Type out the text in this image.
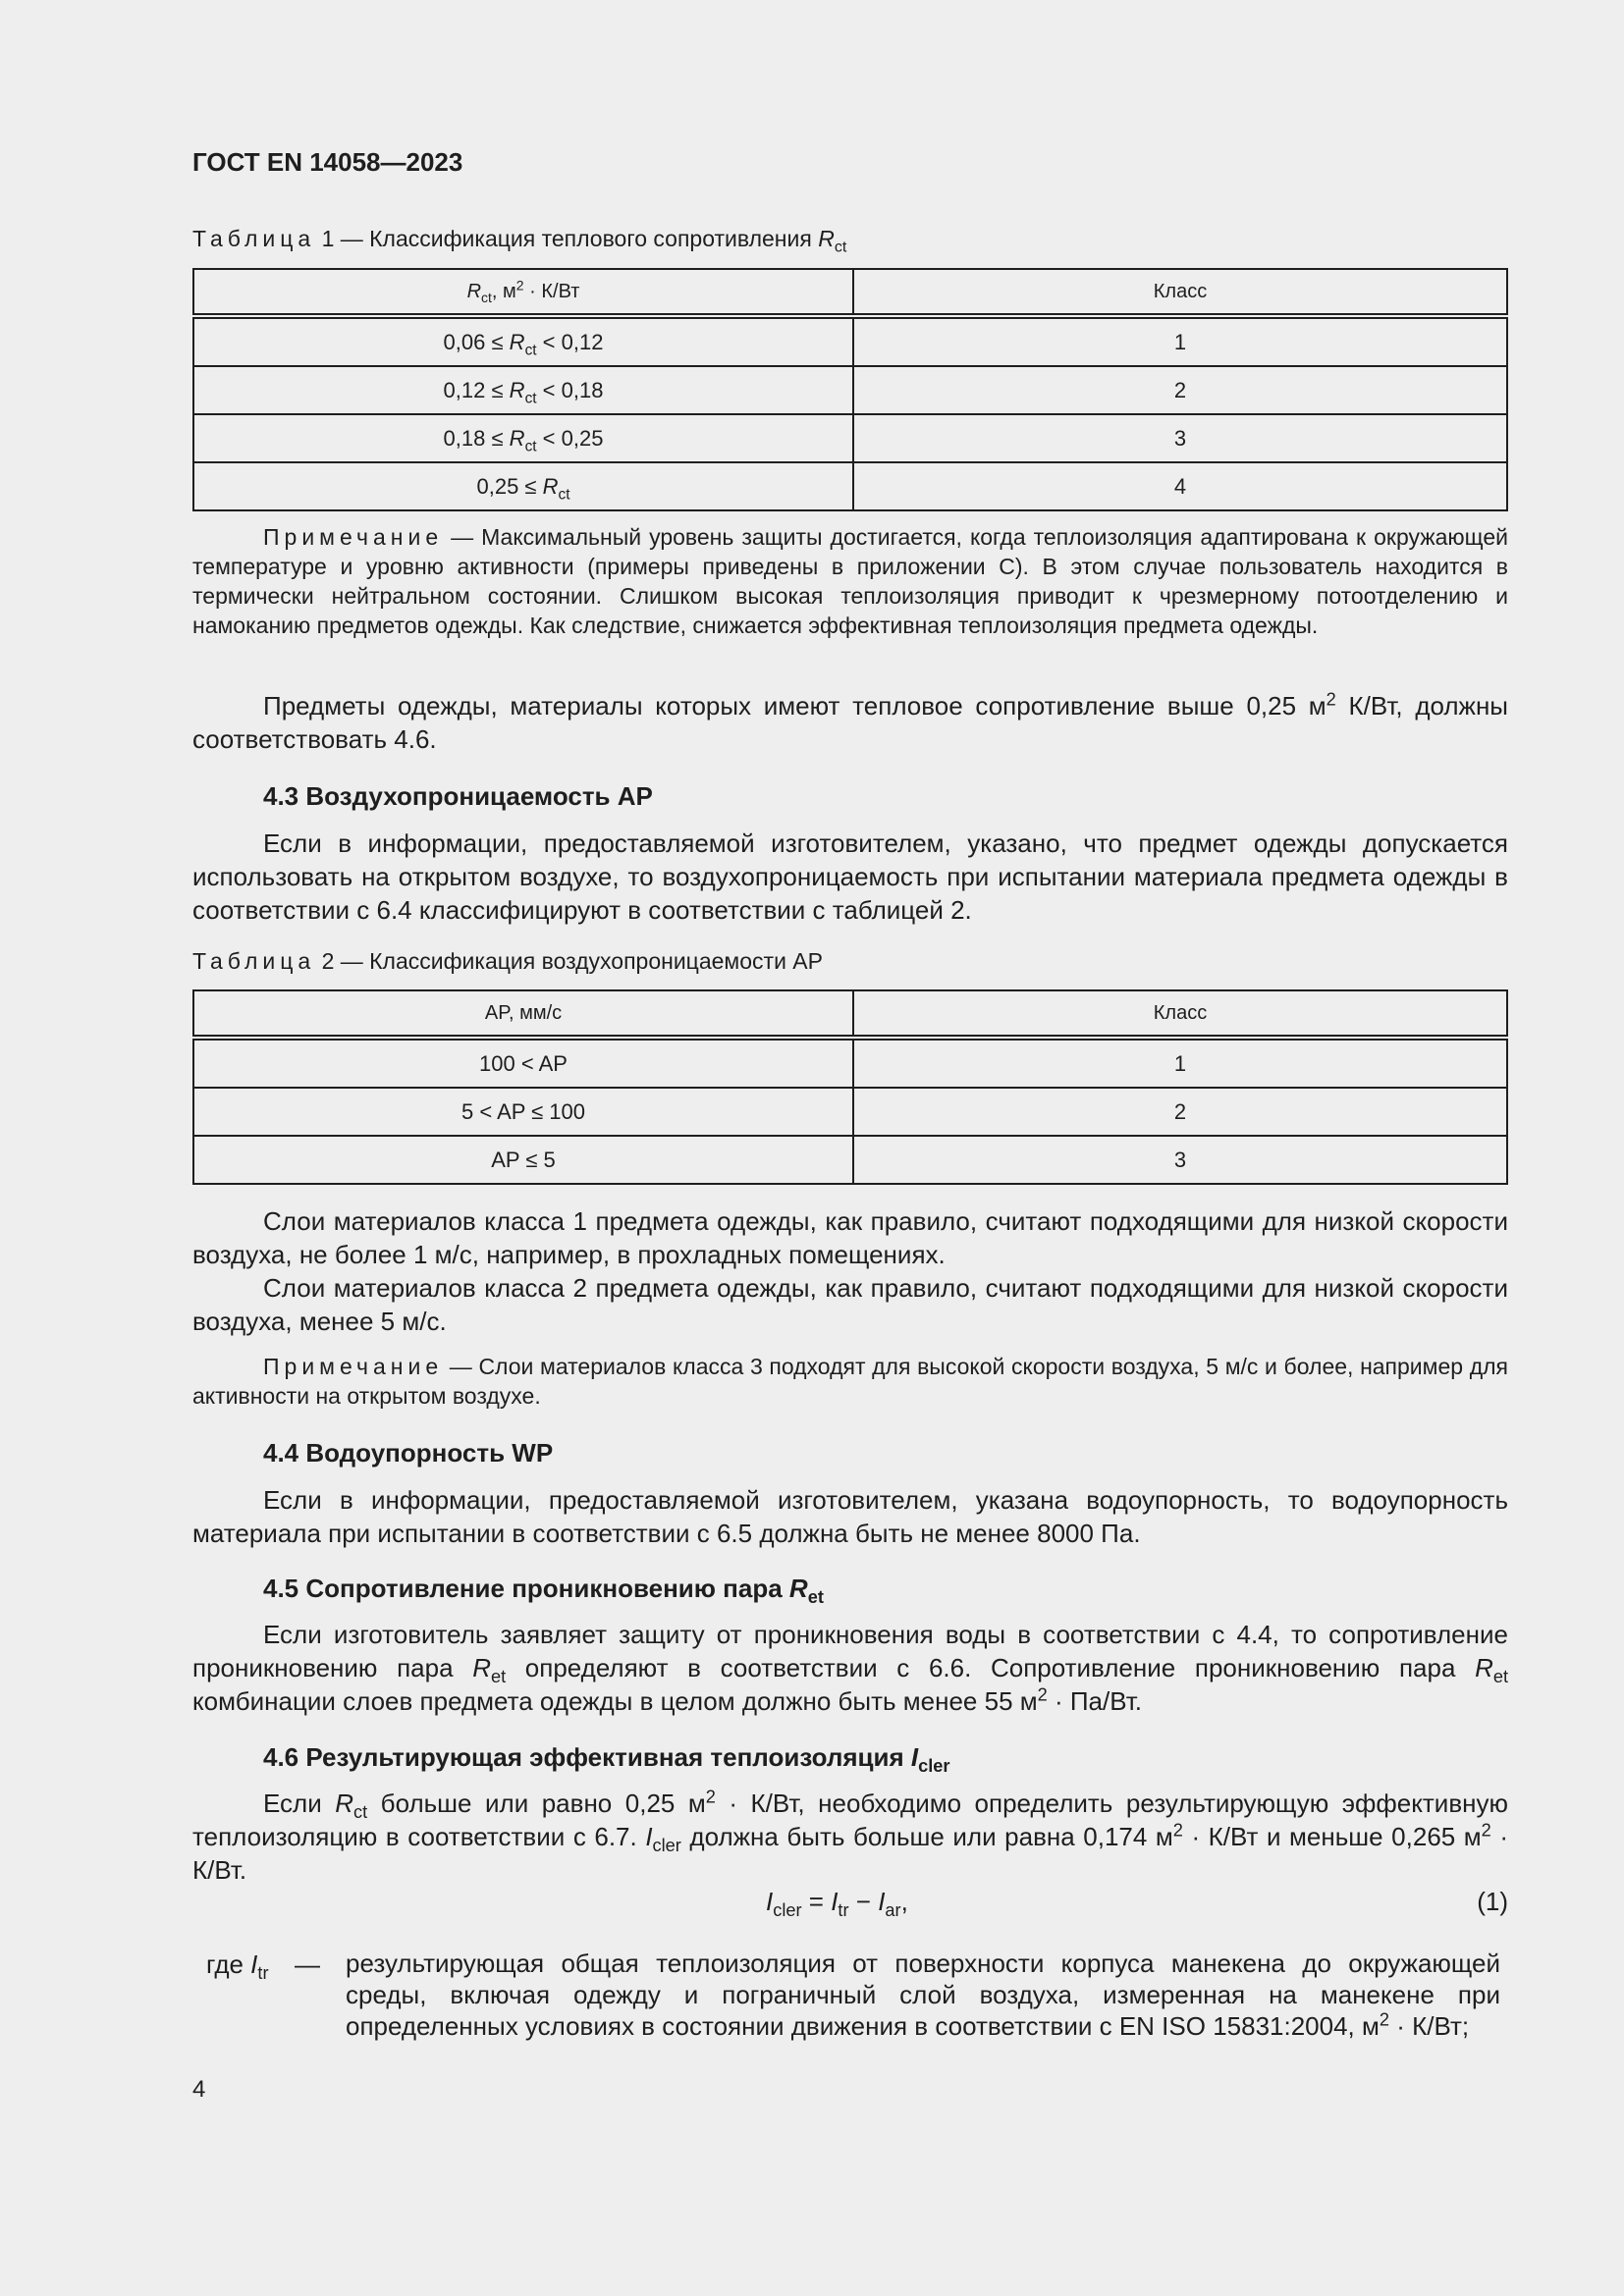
ГОСТ EN 14058—2023
Таблица 1 — Классификация теплового сопротивления $R_{ct}$
$R_{ct}$, $м^2 \cdot К/Вт$	Класс
$0,06 \le R_{ct} < 0,12$	1
$0,12 \le R_{ct} < 0,18$	2
$0,18 \le R_{ct} < 0,25$	3
$0,25 \le R_{ct}$	4

Примечание — Максимальный уровень защиты достигается, когда теплоизоляция адаптирована к окружающей температуре и уровню активности (примеры приведены в приложении С). В этом случае пользователь находится в термически нейтральном состоянии. Слишком высокая теплоизоляция приводит к чрезмерному потоотделению и намоканию предметов одежды. Как следствие, снижается эффективная теплоизоляция предмета одежды.

Предметы одежды, материалы которых имеют тепловое сопротивление выше 0,25 $м^2$ К/Вт, должны соответствовать 4.6.

4.3 Воздухопроницаемость AP

Если в информации, предоставляемой изготовителем, указано, что предмет одежды допускается использовать на открытом воздухе, то воздухопроницаемость при испытании материала предмета одежды в соответствии с 6.4 классифицируют в соответствии с таблицей 2.

Таблица 2 — Классификация воздухопроницаемости AP
AP, мм/с	Класс
100 < AP	1
5 < AP ≤ 100	2
AP ≤ 5	3

Слои материалов класса 1 предмета одежды, как правило, считают подходящими для низкой скорости воздуха, не более 1 м/с, например, в прохладных помещениях.

Слои материалов класса 2 предмета одежды, как правило, считают подходящими для низкой скорости воздуха, менее 5 м/с.

Примечание — Слои материалов класса 3 подходят для высокой скорости воздуха, 5 м/с и более, например для активности на открытом воздухе.

4.4 Водоупорность WP

Если в информации, предоставляемой изготовителем, указана водоупорность, то водоупорность материала при испытании в соответствии с 6.5 должна быть не менее 8000 Па.

4.5 Сопротивление проникновению пара $R_{et}$

Если изготовитель заявляет защиту от проникновения воды в соответствии с 4.4, то сопротивление проникновению пара $R_{et}$ определяют в соответствии с 6.6. Сопротивление проникновению пара $R_{et}$ комбинации слоев предмета одежды в целом должно быть менее 55 $м^2 \cdot Па/Вт$.

4.6 Результирующая эффективная теплоизоляция $I_{cler}$

Если $R_{ct}$ больше или равно 0,25 $м^2 \cdot К/Вт$, необходимо определить результирующую эффективную теплоизоляцию в соответствии с 6.7. $I_{cler}$ должна быть больше или равна 0,174 $м^2 \cdot К/Вт$ и меньше 0,265 $м^2 \cdot К/Вт$.

$I_{cler} = I_{tr} - I_{ar}$,	(1)
где $I_{tr}$ — результирующая общая теплоизоляция от поверхности корпуса манекена до окружающей среды, включая одежду и пограничный слой воздуха, измеренная на манекене при определенных условиях в состоянии движения в соответствии с EN ISO 15831:2004, $м^2 \cdot К/Вт$;

4
